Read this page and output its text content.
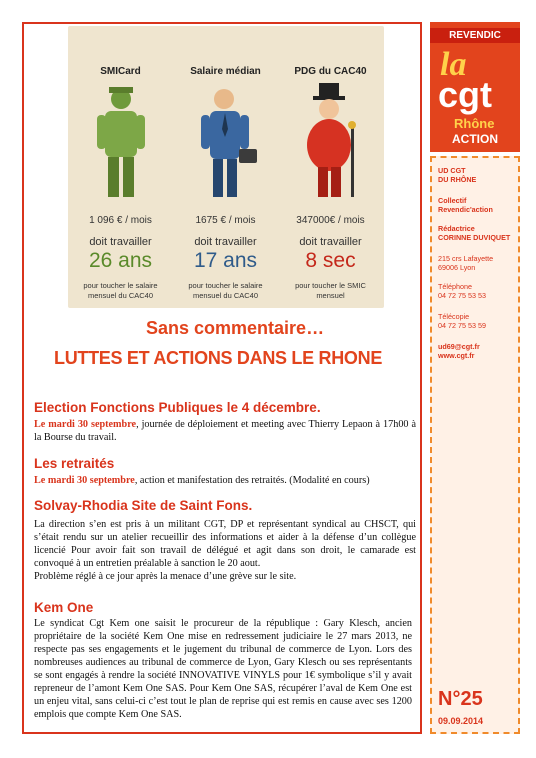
SMICard
1 096 € / mois
doit travailler
26 ans
pour toucher le salaire mensuel du CAC40
Salaire médian
1675 € / mois
doit travailler
17 ans
pour toucher le salaire mensuel du CAC40
PDG du CAC40
347000€ / mois
doit travailler
8 sec
pour toucher le SMIC mensuel
Sans commentaire…
LUTTES ET ACTIONS DANS LE RHONE
Election Fonctions Publiques le 4 décembre.
Le mardi 30 septembre, journée de déploiement et meeting avec Thierry Lepaon à 17h00 à la Bourse du travail.
Les retraités
Le mardi 30 septembre, action et manifestation des retraités. (Modalité en cours)
Solvay-Rhodia Site de Saint Fons.
La direction s’en est pris à un militant CGT, DP et représentant syndical au CHSCT, qui s’était rendu sur un atelier recueillir des informations et aider à la défense d’un collègue licencié Pour avoir fait son travail de délégué et agit dans son droit, le camarade est convoqué à un entretien préalable à sanction le 20 aout.
Problème réglé à ce jour après la menace d’une grève sur le site.
Kem One
Le syndicat Cgt Kem one saisit le procureur de la république : Gary Klesch, ancien propriétaire de la société Kem One mise en redressement judiciaire le 27 mars 2013, ne respecte pas ses engagements et le jugement du tribunal de commerce de Lyon. Lors des nombreuses audiences au tribunal de commerce de Lyon, Gary Klesch ou ses représentants se sont engagés à rendre la société INNOVATIVE VINYLS pour 1€ symbolique s’il y avait repreneur de l’amont Kem One SAS. Pour Kem One SAS, récupérer l’aval de Kem One est un enjeu vital, sans celui-ci c’est tout le plan de reprise qui est remis en cause avec ses 1200 emplois que compte Kem One SAS.
REVENDIC
la
cgt
Rhône
ACTION
UD CGT
DU RHÔNE
Collectif
Revendic'action
Rédactrice
CORINNE DUVIQUET
215 crs Lafayette
69006 Lyon
Téléphone
04 72 75 53 53
Télécopie
04 72 75 53 59
ud69@cgt.fr
www.cgt.fr
N°25
09.09.2014
